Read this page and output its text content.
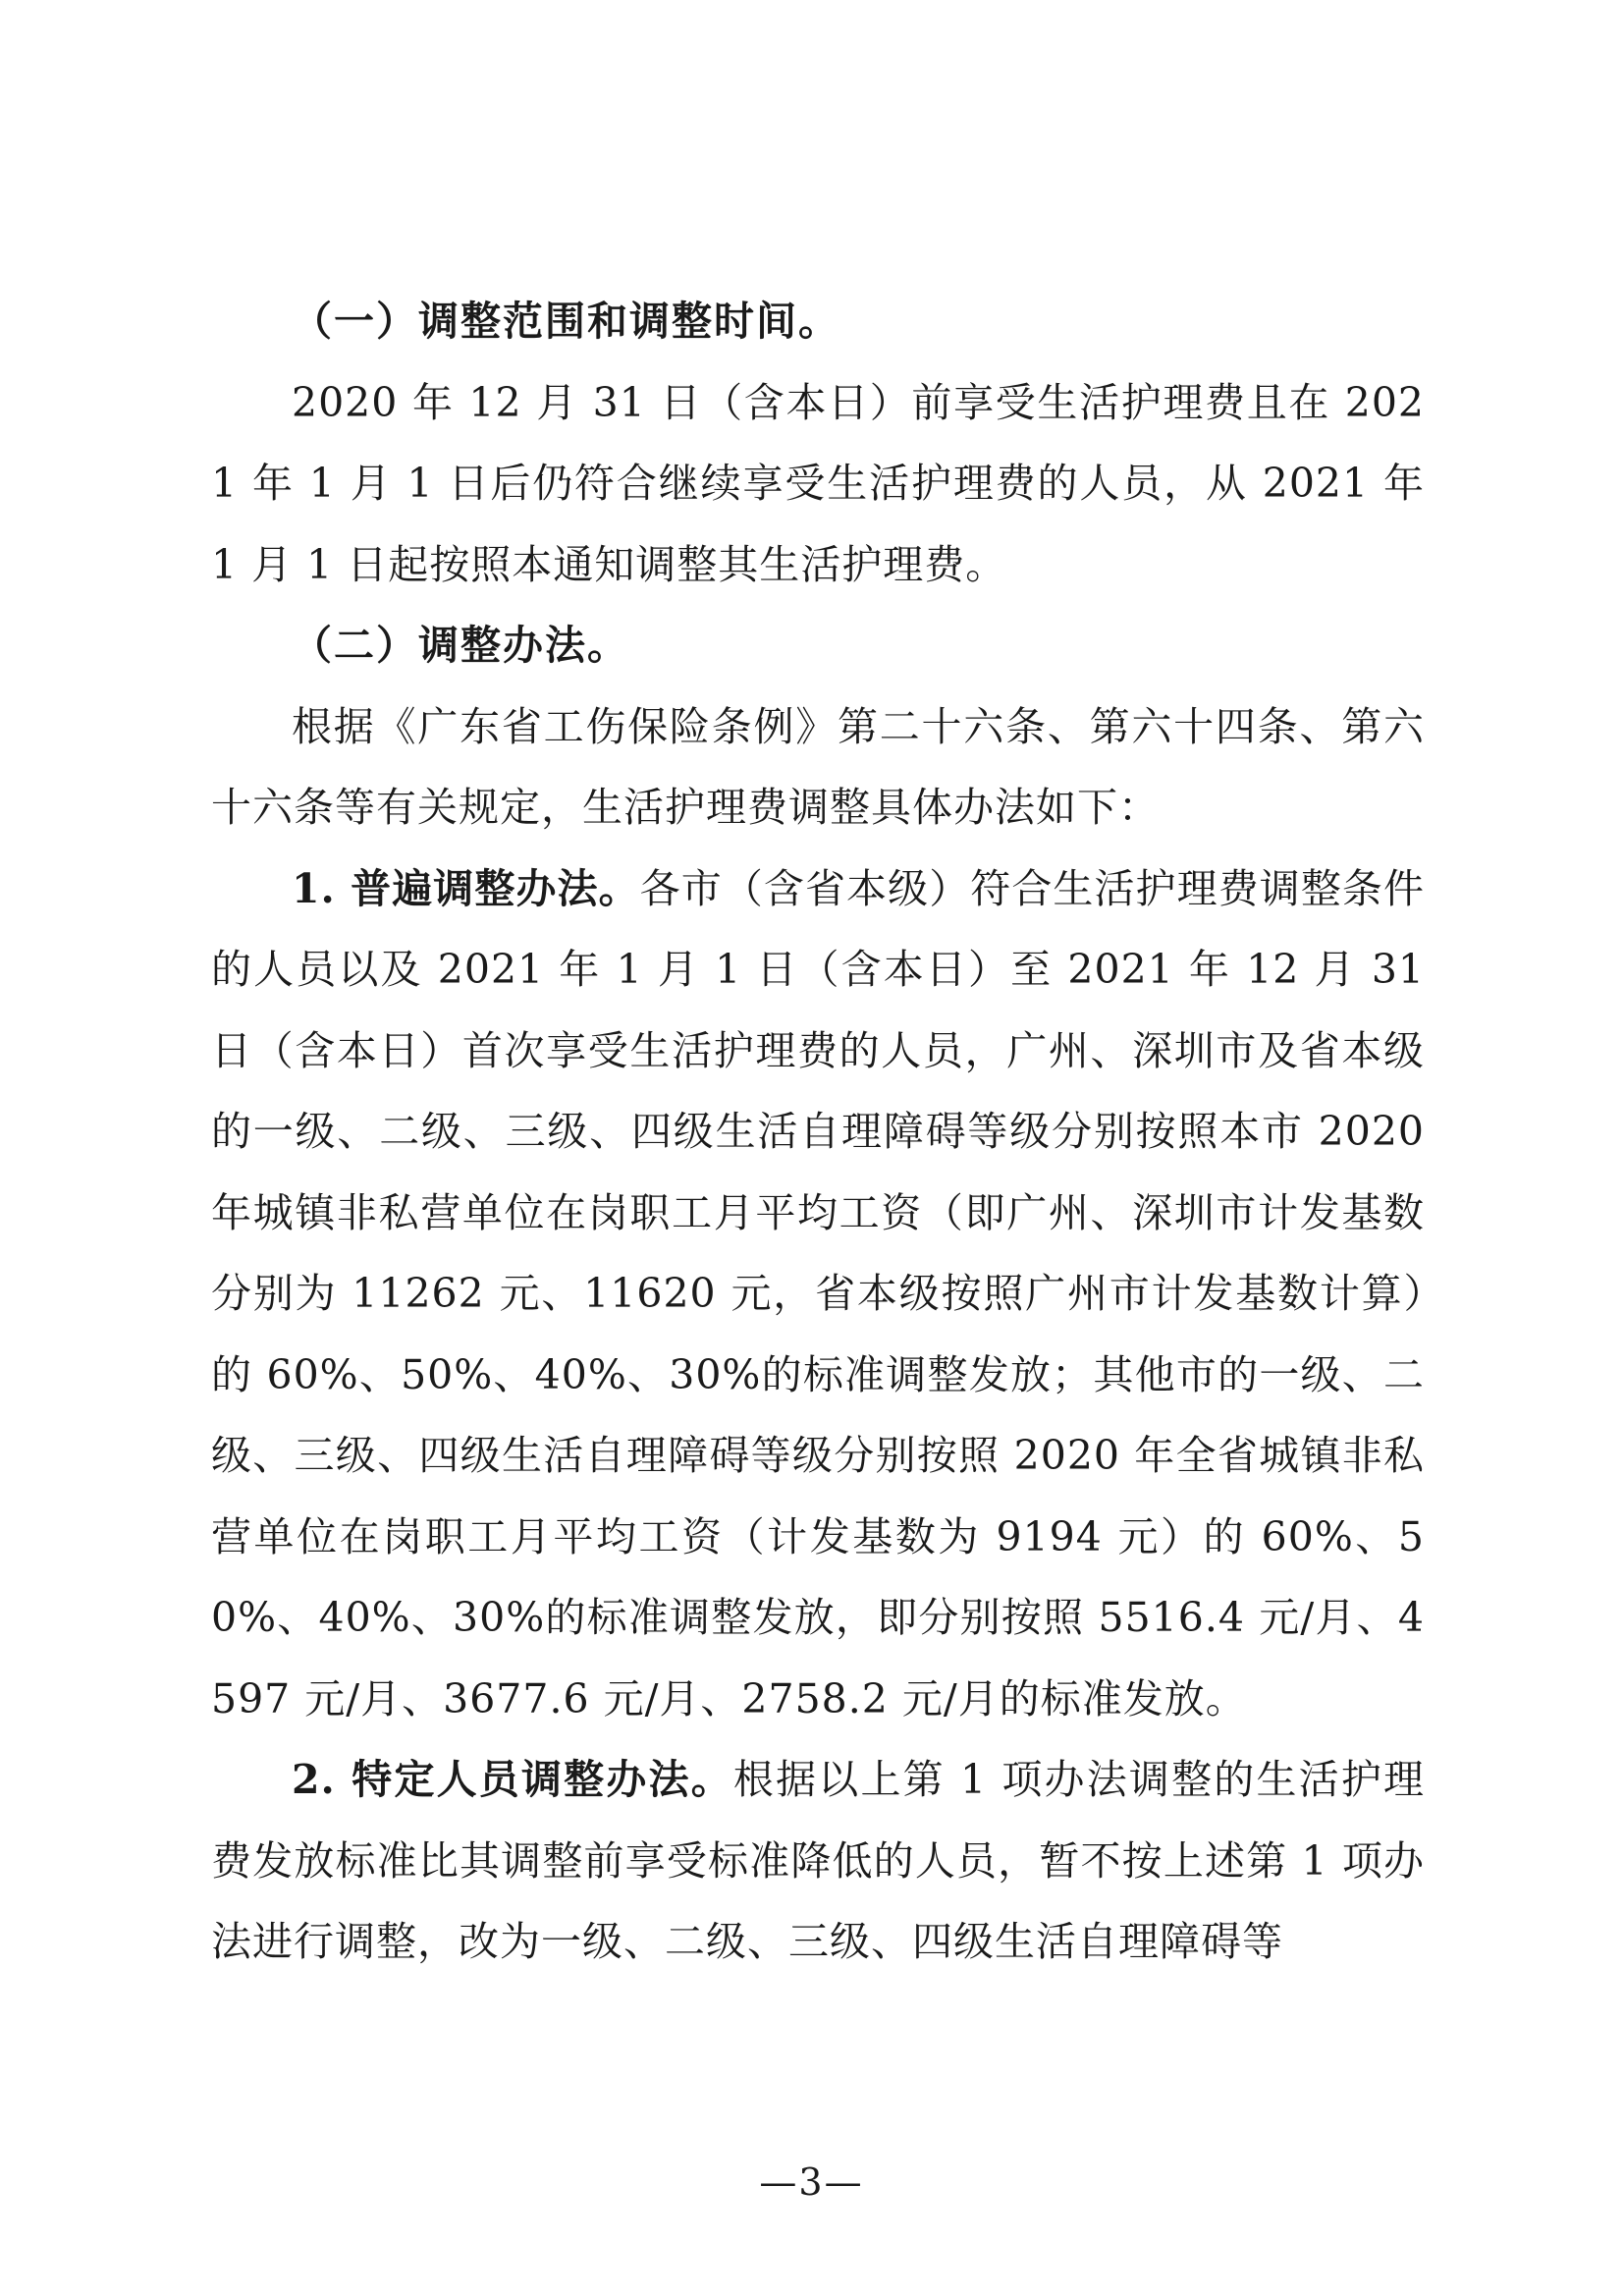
（一）调整范围和调整时间。

2020 年 12 月 31 日（含本日）前享受生活护理费且在 2021 年 1 月 1 日后仍符合继续享受生活护理费的人员，从 2021 年 1 月 1 日起按照本通知调整其生活护理费。

（二）调整办法。

根据《广东省工伤保险条例》第二十六条、第六十四条、第六十六条等有关规定，生活护理费调整具体办法如下：

1. 普遍调整办法。各市（含省本级）符合生活护理费调整条件的人员以及 2021 年 1 月 1 日（含本日）至 2021 年 12 月 31 日（含本日）首次享受生活护理费的人员，广州、深圳市及省本级的一级、二级、三级、四级生活自理障碍等级分别按照本市 2020 年城镇非私营单位在岗职工月平均工资（即广州、深圳市计发基数分别为 11262 元、11620 元，省本级按照广州市计发基数计算）的 60%、50%、40%、30%的标准调整发放；其他市的一级、二级、三级、四级生活自理障碍等级分别按照 2020 年全省城镇非私营单位在岗职工月平均工资（计发基数为 9194 元）的 60%、50%、40%、30%的标准调整发放，即分别按照 5516.4 元/月、4597 元/月、3677.6 元/月、2758.2 元/月的标准发放。

2. 特定人员调整办法。根据以上第 1 项办法调整的生活护理费发放标准比其调整前享受标准降低的人员，暂不按上述第 1 项办法进行调整，改为一级、二级、三级、四级生活自理障碍等

—3—
